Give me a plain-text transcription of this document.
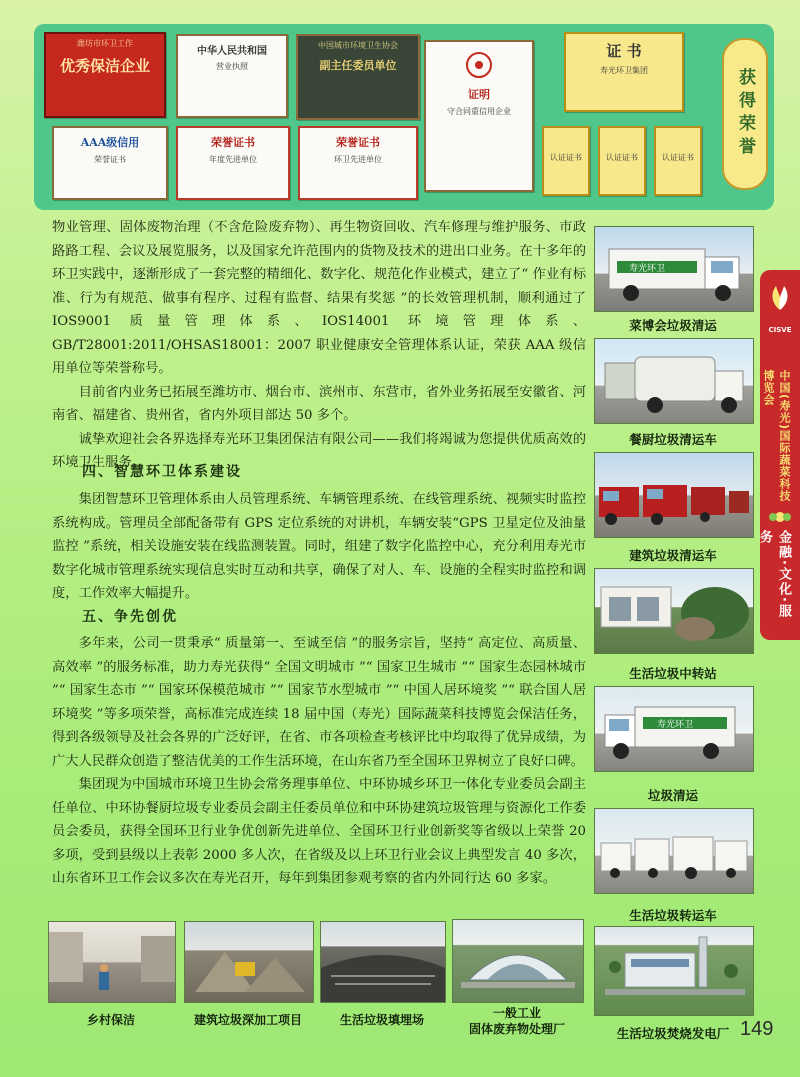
潍坊市环卫工作
优秀保洁企业
中华人民共和国
营业执照
中国城市环境卫生协会
副主任委员单位
证明
守合同重信用企业
证 书
寿光环卫集团
AAA级信用
荣誉证书
荣誉证书
年度先进单位
荣誉证书
环卫先进单位	认证证书	认证证书	认证证书	获得荣誉
CISVE
中国(寿光)国际蔬菜科技博览会
金融·文化·服务

物业管理、固体废物治理（不含危险废弃物）、再生物资回收、汽车修理与维护服务、市政路路工程、会议及展览服务，以及国家允许范围内的货物及技术的进出口业务。在十多年的环卫实践中，逐渐形成了一套完整的精细化、数字化、规范化作业模式，建立了“ 作业有标准、行为有规范、做事有程序、过程有监督、结果有奖惩 ”的长效管理机制，顺利通过了 IOS9001 质量管理体系、IOS14001 环境管理体系、GB/T28001:2011/OHSAS18001：2007 职业健康安全管理体系认证，荣获 AAA 级信用单位等荣誉称号。

目前省内业务已拓展至潍坊市、烟台市、滨州市、东营市，省外业务拓展至安徽省、河南省、福建省、贵州省，省内外项目部达 50 多个。

诚挚欢迎社会各界选择寿光环卫集团保洁有限公司——我们将竭诚为您提供优质高效的环境卫生服务。

四、智慧环卫体系建设

集团智慧环卫管理体系由人员管理系统、车辆管理系统、在线管理系统、视频实时监控系统构成。管理员全部配备带有 GPS 定位系统的对讲机，车辆安装“GPS 卫星定位及油量监控 ”系统，相关设施安装在线监测装置。同时，组建了数字化监控中心，充分利用寿光市数字化城市管理系统实现信息实时互动和共享，确保了对人、车、设施的全程实时监控和调度，工作效率大幅提升。

五、争先创优

多年来，公司一贯秉承“ 质量第一、至诚至信 ”的服务宗旨，坚持“ 高定位、高质量、高效率 ”的服务标准，助力寿光获得“ 全国文明城市 ”“ 国家卫生城市 ”“ 国家生态园林城市 ”“ 国家生态市 ”“ 国家环保模范城市 ”“ 国家节水型城市 ”“ 中国人居环境奖 ”“ 联合国人居环境奖 ”等多项荣誉，高标准完成连续 18 届中国（寿光）国际蔬菜科技博览会保洁任务，得到各级领导及社会各界的广泛好评，在省、市各项检查考核评比中均取得了优异成绩，为广大人民群众创造了整洁优美的工作生活环境，在山东省乃至全国环卫界树立了良好口碑。

集团现为中国城市环境卫生协会常务理事单位、中环协城乡环卫一体化专业委员会副主任单位、中环协餐厨垃圾专业委员会副主任委员单位和中环协建筑垃圾管理与资源化工作委员会委员，获得全国环卫行业争优创新先进单位、全国环卫行业创新奖等省级以上荣誉 20 多项，受到县级以上表彰 2000 多人次，在省级及以上环卫行业会议上典型发言 40 多次，山东省环卫工作会议多次在寿光召开，每年到集团参观考察的省内外同行达 60 多家。

寿光环卫
菜博会垃圾清运
餐厨垃圾清运车
建筑垃圾清运车
生活垃圾中转站
寿光环卫
垃圾清运
生活垃圾转运车
生活垃圾焚烧发电厂
乡村保洁	建筑垃圾深加工项目	生活垃圾填埋场	一般工业
固体废弃物处理厂	149
